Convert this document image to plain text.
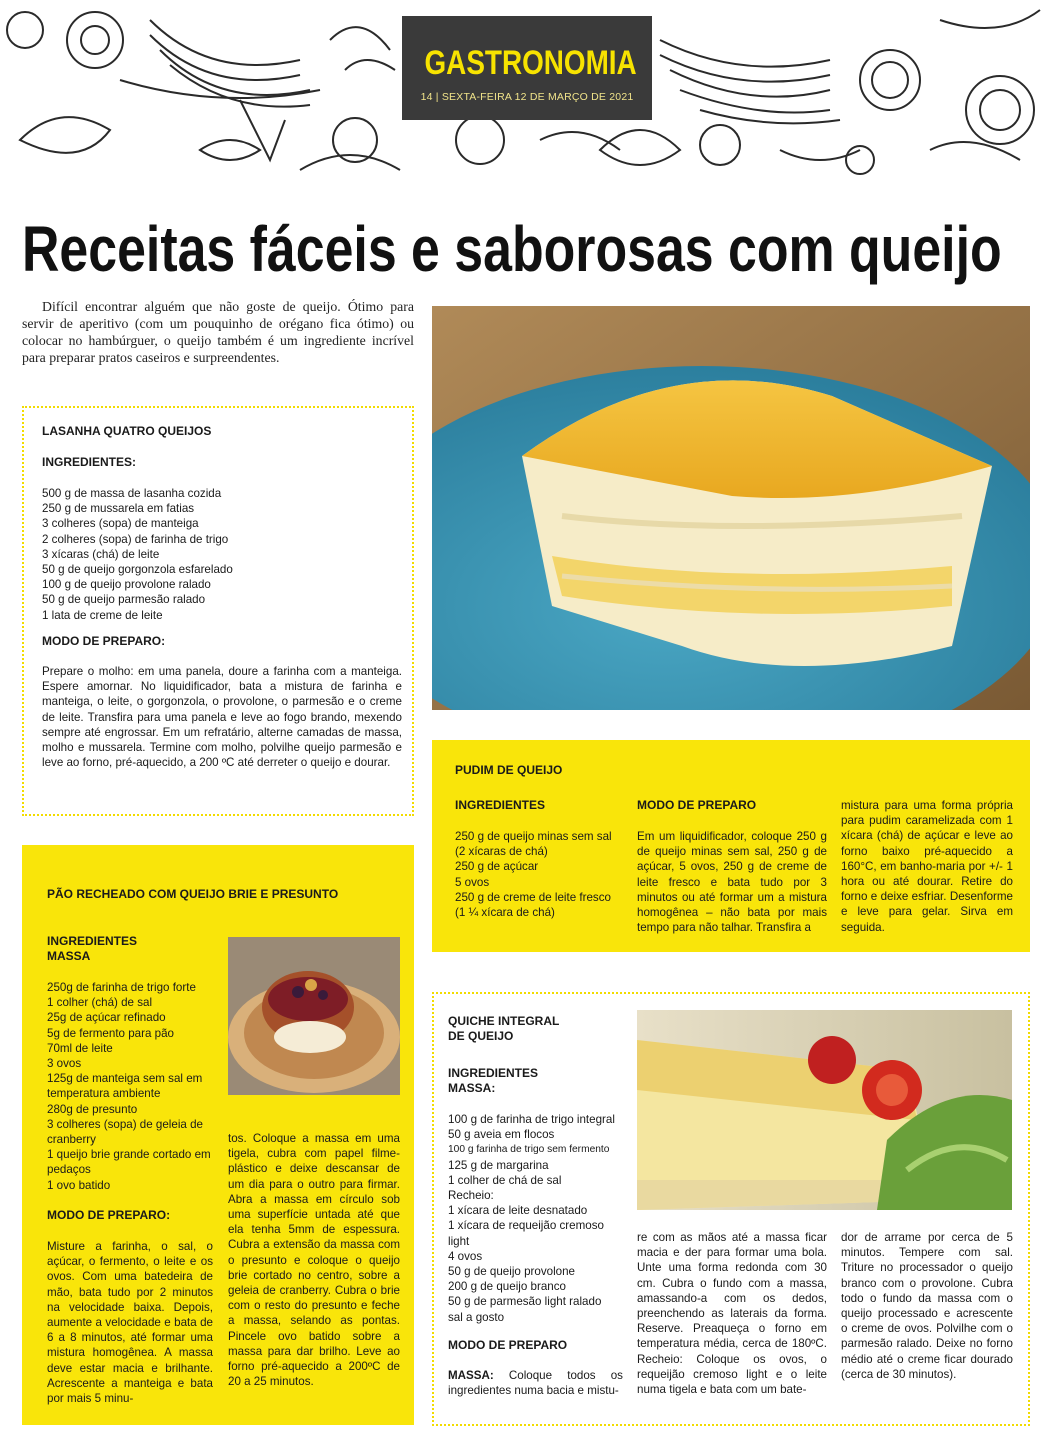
GASTRONOMIA
14 | SEXTA-FEIRA 12 DE MARÇO DE 2021
Receitas fáceis e saborosas com queijo

Difícil encontrar alguém que não goste de queijo. Ótimo para servir de aperitivo (com um pouquinho de orégano fica ótimo) ou colocar no hambúrguer, o queijo também é um ingrediente incrível para preparar pratos caseiros e surpreendentes.

LASANHA QUATRO QUEIJOS
INGREDIENTES:
500 g de massa de lasanha cozida
250 g de mussarela em fatias
3 colheres (sopa) de manteiga
2 colheres (sopa) de farinha de trigo
3 xícaras (chá) de leite
50 g de queijo gorgonzola esfarelado
100 g de queijo provolone ralado
50 g de queijo parmesão ralado
1 lata de creme de leite
MODO DE PREPARO:
Prepare o molho: em uma panela, doure a farinha com a manteiga. Espere amornar. No liquidificador, bata a mistura de farinha e manteiga, o leite, o gorgonzola, o provolone, o parmesão e o creme de leite. Transfira para uma panela e leve ao fogo brando, mexendo sempre até engrossar. Em um refratário, alterne camadas de massa, molho e mussarela. Termine com molho, polvilhe queijo parmesão e leve ao forno, pré-aquecido, a 200 ºC até derreter o queijo e dourar.
PUDIM DE QUEIJO
INGREDIENTES
250 g de queijo minas sem sal
(2 xícaras de chá)
250 g de açúcar
5 ovos
250 g de creme de leite fresco
(1 ¼ xícara de chá)
MODO DE PREPARO
Em um liquidificador, coloque 250 g de queijo minas sem sal, 250 g de açúcar, 5 ovos, 250 g de creme de leite fresco e bata tudo por 3 minutos ou até formar um a mistura homogênea – não bata por mais tempo para não talhar. Transfira a
mistura para uma forma própria para pudim caramelizada com 1 xícara (chá) de açúcar e leve ao forno baixo pré-aquecido a 160°C, em banho-maria por +/- 1 hora ou até dourar. Retire do forno e deixe esfriar. Desenforme e leve para gelar. Sirva em seguida.
PÃO RECHEADO COM QUEIJO BRIE E PRESUNTO
INGREDIENTES
MASSA
250g de farinha de trigo forte
1 colher (chá) de sal
25g de açúcar refinado
5g de fermento para pão
70ml de leite
3 ovos
125g de manteiga sem sal em temperatura ambiente
280g de presunto
3 colheres (sopa) de geleia de cranberry
1 queijo brie grande cortado em pedaços
1 ovo batido
MODO DE PREPARO:
Misture a farinha, o sal, o açúcar, o fermento, o leite e os ovos. Com uma batedeira de mão, bata tudo por 2 minutos na velocidade baixa. Depois, aumente a velocidade e bata de 6 a 8 minutos, até formar uma mistura homogênea. A massa deve estar macia e brilhante. Acrescente a manteiga e bata por mais 5 minu-
tos. Coloque a massa em uma tigela, cubra com papel filme-plástico e deixe descansar de um dia para o outro para firmar. Abra a massa em círculo sob uma superfície untada até que ela tenha 5mm de espessura. Cubra a extensão da massa com o presunto e coloque o queijo brie cortado no centro, sobre a geleia de cranberry. Cubra o brie com o resto do presunto e feche a massa, selando as pontas. Pincele ovo batido sobre a massa para dar brilho. Leve ao forno pré-aquecido a 200ºC de 20 a 25 minutos.
QUICHE INTEGRAL
DE QUEIJO
INGREDIENTES
MASSA:
100 g de farinha de trigo integral
50 g aveia em flocos
100 g farinha de trigo sem fermento
125 g de margarina
1 colher de chá de sal
Recheio:
1 xícara de leite desnatado
1 xícara de requeijão cremoso light
4 ovos
50 g de queijo provolone
200 g de queijo branco
50 g de parmesão light ralado
sal a gosto
MODO DE PREPARO
MASSA: Coloque todos os ingredientes numa bacia e mistu-
re com as mãos até a massa ficar macia e der para formar uma bola. Unte uma forma redonda com 30 cm. Cubra o fundo com a massa, amassando-a com os dedos, preenchendo as laterais da forma. Reserve. Preaqueça o forno em temperatura média, cerca de 180ºC. Recheio: Coloque os ovos, o requeijão cremoso light e o leite numa tigela e bata com um bate-
dor de arrame por cerca de 5 minutos. Tempere com sal. Triture no processador o queijo branco com o provolone. Cubra todo o fundo da massa com o queijo processado e acrescente o creme de ovos. Polvilhe com o parmesão ralado. Deixe no forno médio até o creme ficar dourado (cerca de 30 minutos).
